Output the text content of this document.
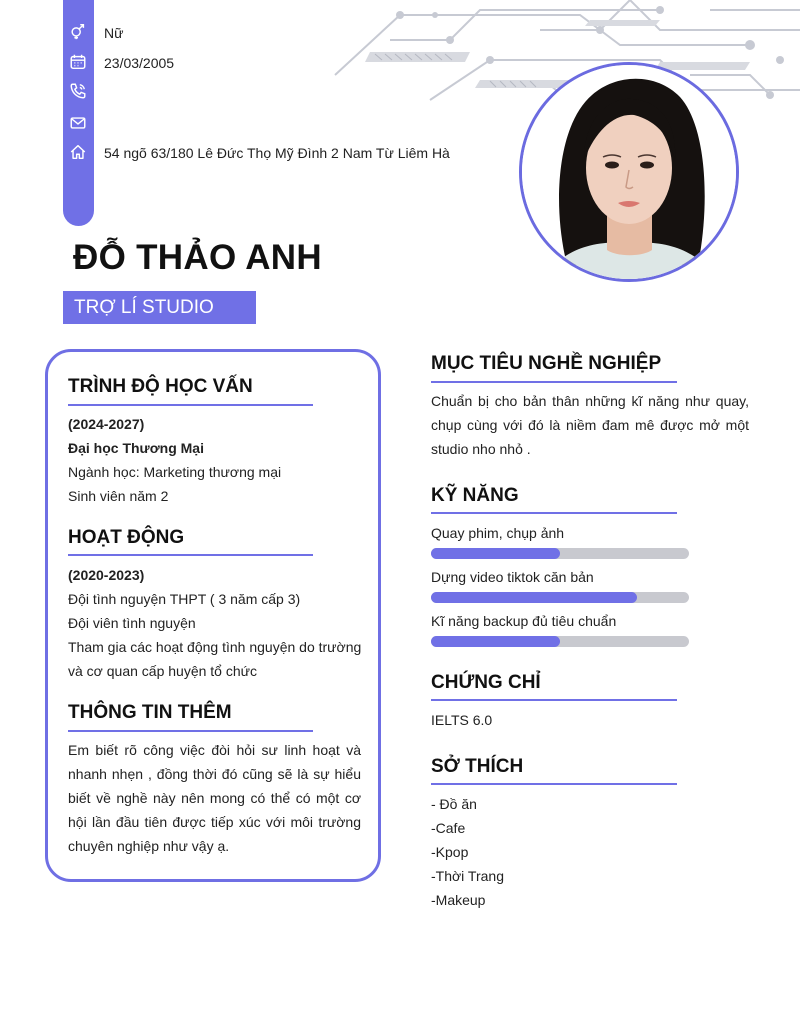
Nữ
23/03/2005
54 ngõ 63/180 Lê Đức Thọ Mỹ Đình 2 Nam Từ Liêm Hà
ĐỖ THẢO ANH
TRỢ LÍ STUDIO
TRÌNH ĐỘ HỌC VẤN
(2024-2027)
Đại học Thương Mại
Ngành học: Marketing thương mại
Sinh viên năm 2
HOẠT ĐỘNG
(2020-2023)
Đội tình nguyện THPT ( 3 năm cấp 3)
Đội viên tình nguyện
Tham gia các hoạt động tình nguyện do trường
và cơ quan cấp huyện tổ chức
THÔNG TIN THÊM
Em biết rõ công việc đòi hỏi sư linh hoạt và nhanh nhẹn , đồng thời đó cũng sẽ là sự hiểu biết về nghề này nên mong có thể có một cơ hội lần đầu tiên được tiếp xúc với môi trường chuyên nghiệp như vậy ạ.
MỤC TIÊU NGHỀ NGHIỆP
Chuẩn bị cho bản thân những kĩ năng như quay, chụp cùng với đó là niềm đam mê được mở một studio nho nhỏ .
KỸ NĂNG
Quay phim, chụp ảnh
Dựng video tiktok căn bản
Kĩ năng backup đủ tiêu chuẩn
CHỨNG CHỈ
IELTS 6.0
SỞ THÍCH
- Đồ ăn
-Cafe
-Kpop
-Thời Trang
-Makeup
